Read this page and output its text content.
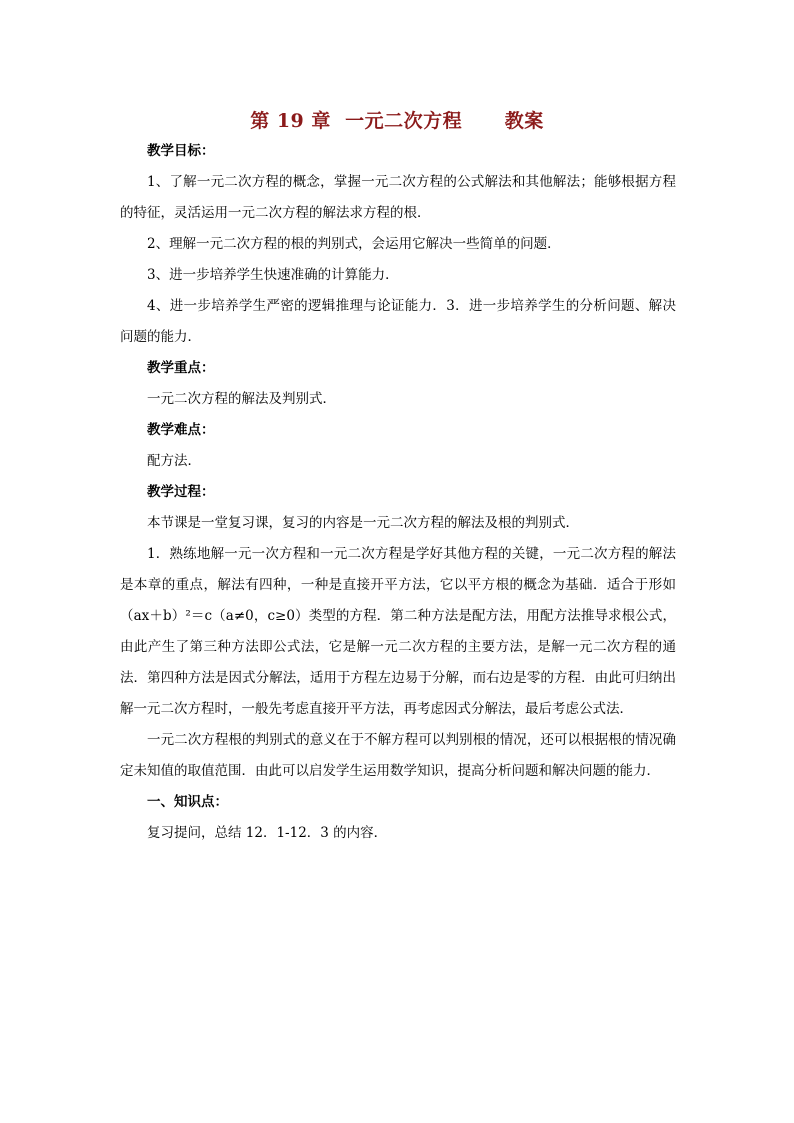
第 19 章  一元二次方程      教案

教学目标：

1、了解一元二次方程的概念，掌握一元二次方程的公式解法和其他解法；能够根据方程的特征，灵活运用一元二次方程的解法求方程的根．

2、理解一元二次方程的根的判别式，会运用它解决一些简单的问题．

3、进一步培养学生快速准确的计算能力．

4、进一步培养学生严密的逻辑推理与论证能力．3．进一步培养学生的分析问题、解决问题的能力．

教学重点：

一元二次方程的解法及判别式．

教学难点：

配方法．

教学过程：

本节课是一堂复习课，复习的内容是一元二次方程的解法及根的判别式．

1．熟练地解一元一次方程和一元二次方程是学好其他方程的关键，一元二次方程的解法是本章的重点，解法有四种，一种是直接开平方法，它以平方根的概念为基础．适合于形如（ax＋b）²＝c（a≠0，c≥0）类型的方程．第二种方法是配方法，用配方法推导求根公式，由此产生了第三种方法即公式法，它是解一元二次方程的主要方法，是解一元二次方程的通法．第四种方法是因式分解法，适用于方程左边易于分解，而右边是零的方程．由此可归纳出解一元二次方程时，一般先考虑直接开平方法，再考虑因式分解法，最后考虑公式法．

一元二次方程根的判别式的意义在于不解方程可以判别根的情况，还可以根据根的情况确定未知值的取值范围．由此可以启发学生运用数学知识，提高分析问题和解决问题的能力．

一、知识点：

复习提问，总结 12．1-12．3 的内容．
